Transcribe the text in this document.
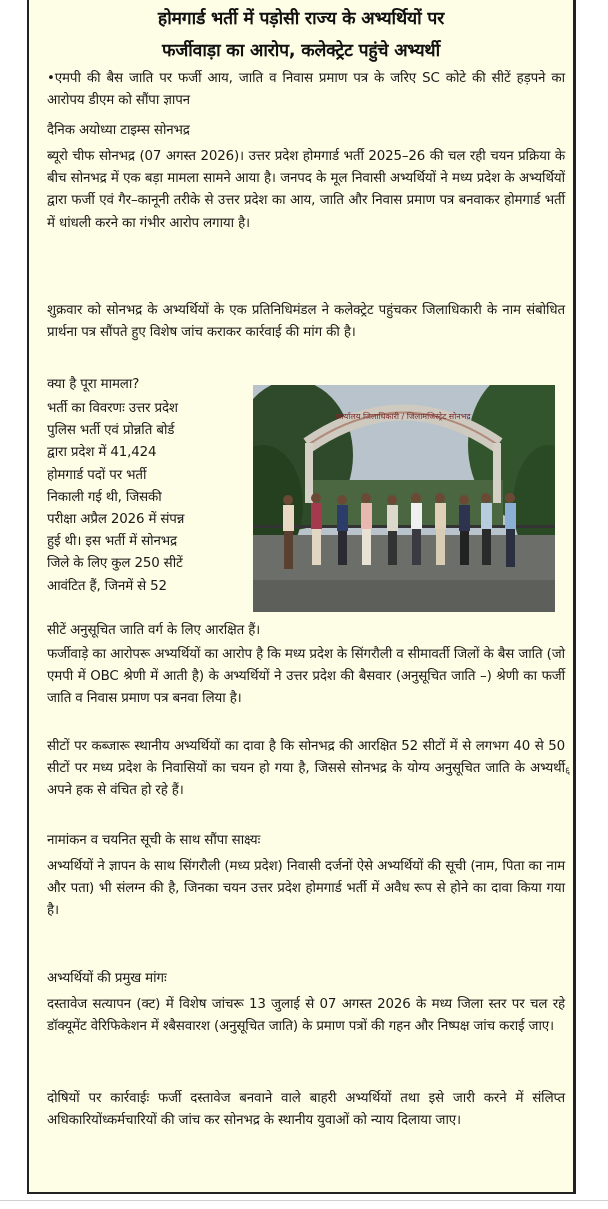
होमगार्ड भर्ती में पड़ोसी राज्य के अभ्यर्थियों पर
फर्जीवाड़ा का आरोप, कलेक्ट्रेट पहुंचे अभ्यर्थी

•एमपी की बैस जाति पर फर्जी आय, जाति व निवास प्रमाण पत्र के जरिए SC कोटे की सीटें हड़पने का आरोपय डीएम को सौंपा ज्ञापन

दैनिक अयोध्या टाइम्स सोनभद्र

ब्यूरो चीफ सोनभद्र (07 अगस्त 2026)। उत्तर प्रदेश होमगार्ड भर्ती 2025–26 की चल रही चयन प्रक्रिया के बीच सोनभद्र में एक बड़ा मामला सामने आया है। जनपद के मूल निवासी अभ्यर्थियों ने मध्य प्रदेश के अभ्यर्थियों द्वारा फर्जी एवं गैर–कानूनी तरीके से उत्तर प्रदेश का आय, जाति और निवास प्रमाण पत्र बनवाकर होमगार्ड भर्ती में धांधली करने का गंभीर आरोप लगाया है।

शुक्रवार को सोनभद्र के अभ्यर्थियों के एक प्रतिनिधिमंडल ने कलेक्ट्रेट पहुंचकर जिलाधिकारी के नाम संबोधित प्रार्थना पत्र सौंपते हुए विशेष जांच कराकर कार्रवाई की मांग की है।

क्या है पूरा मामला?

भर्ती का विवरणः उत्तर प्रदेश
पुलिस भर्ती एवं प्रोन्नति बोर्ड
द्वारा प्रदेश में 41,424
होमगार्ड पदों पर भर्ती
निकाली गई थी, जिसकी
परीक्षा अप्रैल 2026 में संपन्न
हुई थी। इस भर्ती में सोनभद्र
जिले के लिए कुल 250 सीटें
आवंटित हैं, जिनमें से 52
कार्यालय जिलाधिकारी / जिलामजिस्ट्रेट सोनभद्र

सीटें अनुसूचित जाति वर्ग के लिए आरक्षित हैं।

फर्जीवाड़े का आरोपरू अभ्यर्थियों का आरोप है कि मध्य प्रदेश के सिंगरौली व सीमावर्ती जिलों के बैस जाति (जो एमपी में OBC श्रेणी में आती है) के अभ्यर्थियों ने उत्तर प्रदेश की बैसवार (अनुसूचित जाति –) श्रेणी का फर्जी जाति व निवास प्रमाण पत्र बनवा लिया है।

सीटों पर कब्जारू स्थानीय अभ्यर्थियों का दावा है कि सोनभद्र की आरक्षित 52 सीटों में से लगभग 40 से 50 सीटों पर मध्य प्रदेश के निवासियों का चयन हो गया है, जिससे सोनभद्र के योग्य अनुसूचित जाति के अभ्यर्थी अपने हक से वंचित हो रहे हैं।

नामांकन व चयनित सूची के साथ सौंपा साक्ष्यः

अभ्यर्थियों ने ज्ञापन के साथ सिंगरौली (मध्य प्रदेश) निवासी दर्जनों ऐसे अभ्यर्थियों की सूची (नाम, पिता का नाम और पता) भी संलग्न की है, जिनका चयन उत्तर प्रदेश होमगार्ड भर्ती में अवैध रूप से होने का दावा किया गया है।

अभ्यर्थियों की प्रमुख मांगः

दस्तावेज सत्यापन (क्ट) में विशेष जांचरू 13 जुलाई से 07 अगस्त 2026 के मध्य जिला स्तर पर चल रहे डॉक्यूमेंट वेरिफिकेशन में श्बैसवारश (अनुसूचित जाति) के प्रमाण पत्रों की गहन और निष्पक्ष जांच कराई जाए।

दोषियों पर कार्रवाईः फर्जी दस्तावेज बनवाने वाले बाहरी अभ्यर्थियों तथा इसे जारी करने में संलिप्त अधिकारियोंध्कर्मचारियों की जांच कर सोनभद्र के स्थानीय युवाओं को न्याय दिलाया जाए।

६
